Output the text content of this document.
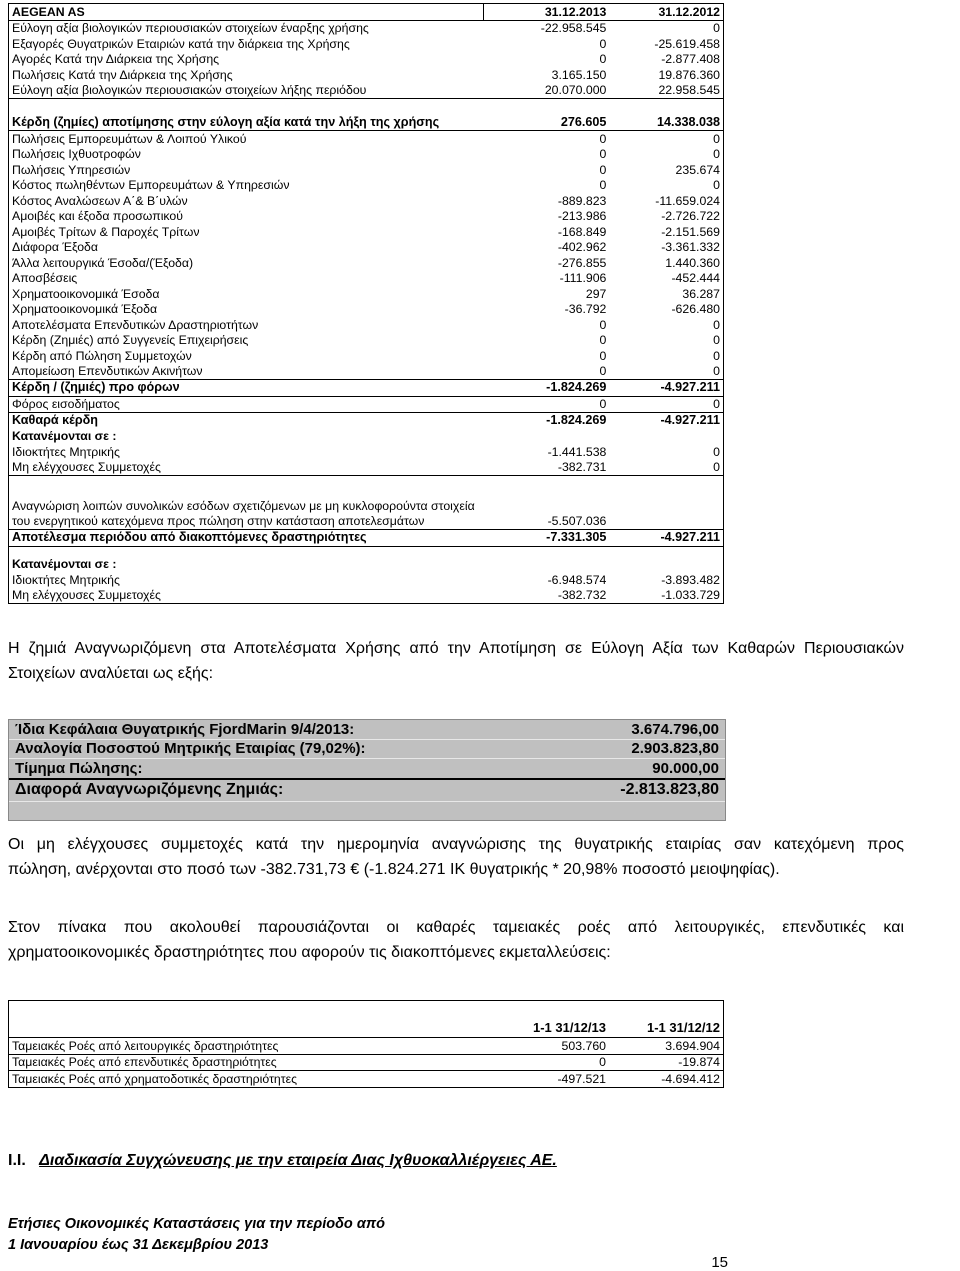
AEGEAN AS	31.12.2013	31.12.2012
Εύλογη αξία βιολογικών περιουσιακών στοιχείων έναρξης χρήσης	-22.958.545	0
Εξαγορές Θυγατρικών Εταιριών κατά την διάρκεια της Χρήσης	0	-25.619.458
Αγορές Κατά την Διάρκεια της Χρήσης	0	-2.877.408
Πωλήσεις Κατά την Διάρκεια της Χρήσης	3.165.150	19.876.360
Εύλογη αξία βιολογικών περιουσιακών στοιχείων λήξης περιόδου	20.070.000	22.958.545

Κέρδη (ζημίες) αποτίμησης στην εύλογη αξία κατά την λήξη της χρήσης	276.605	14.338.038
Πωλήσεις Εμπορευμάτων & Λοιπού Υλικού	0	0
Πωλήσεις Ιχθυοτροφών	0	0
Πωλήσεις Υπηρεσιών	0	235.674
Κόστος πωληθέντων Εμπορευμάτων & Υπηρεσιών	0	0
Κόστος Αναλώσεων Α΄& Β΄υλών	-889.823	-11.659.024
Αμοιβές και έξοδα προσωπικού	-213.986	-2.726.722
Αμοιβές Τρίτων & Παροχές Τρίτων	-168.849	-2.151.569
Διάφορα Έξοδα	-402.962	-3.361.332
Άλλα λειτουργικά Έσοδα/(Έξοδα)	-276.855	1.440.360
Αποσβέσεις	-111.906	-452.444
Χρηματοοικονομικά Έσοδα	297	36.287
Χρηματοοικονομικά Έξοδα	-36.792	-626.480
Αποτελέσματα Επενδυτικών Δραστηριοτήτων	0	0
Κέρδη (Ζημιές) από Συγγενείς Επιχειρήσεις	0	0
Κέρδη από Πώληση Συμμετοχών	0	0
Απομείωση Επενδυτικών Ακινήτων	0	0
Κέρδη / (ζημιές) προ φόρων	-1.824.269	-4.927.211
Φόρος εισοδήματος	0	0
Καθαρά κέρδη	-1.824.269	-4.927.211
Κατανέμονται σε :		
Ιδιοκτήτες Μητρικής	-1.441.538	0
Μη ελέγχουσες Συμμετοχές	-382.731	0

Αναγνώριση λοιπών συνολικών εσόδων σχετιζόμενων με μη κυκλοφορούντα στοιχεία		
του ενεργητικού κατεχόμενα προς πώληση στην κατάσταση αποτελεσμάτων	-5.507.036	
Αποτέλεσμα περιόδου από διακοπτόμενες δραστηριότητες	-7.331.305	-4.927.211

Κατανέμονται σε :		
Ιδιοκτήτες Μητρικής	-6.948.574	-3.893.482
Μη ελέγχουσες Συμμετοχές	-382.732	-1.033.729
Η ζημιά Αναγνωριζόμενη στα Αποτελέσματα Χρήσης από την Αποτίμηση σε Εύλογη Αξία των Καθαρών Περιουσιακών
Στοιχείων αναλύεται ως εξής:
Ίδια Κεφάλαια Θυγατρικής FjordMarin 9/4/2013:	3.674.796,00
Αναλογία Ποσοστού Μητρικής Εταιρίας (79,02%):	2.903.823,80
Τίμημα Πώλησης:	90.000,00
Διαφορά Αναγνωριζόμενης Ζημιάς:	-2.813.823,80
Οι μη ελέγχουσες συμμετοχές κατά την ημερομηνία αναγνώρισης της θυγατρικής εταιρίας σαν κατεχόμενη προς
πώληση, ανέρχονται στο ποσό των -382.731,73 € (-1.824.271 ΙΚ θυγατρικής * 20,98% ποσοστό μειοψηφίας).
Στον πίνακα που ακολουθεί παρουσιάζονται οι καθαρές ταμειακές ροές από λειτουργικές, επενδυτικές και
χρηματοοικονομικές δραστηριότητες που αφορούν τις διακοπτόμενες εκμεταλλεύσεις:

	1-1 31/12/13	1-1 31/12/12
Ταμειακές Ροές από λειτουργικές δραστηριότητες	503.760	3.694.904
Ταμειακές Ροές από επενδυτικές δραστηριότητες	0	-19.874
Ταμειακές Ροές από χρηματοδοτικές δραστηριότητες	-497.521	-4.694.412
Ι.Ι. Διαδικασία Συγχώνευσης με την εταιρεία Διας Ιχθυοκαλλιέργειες ΑΕ.
Ετήσιες Οικονομικές Καταστάσεις για την περίοδο από
1 Ιανουαρίου έως 31 Δεκεμβρίου 2013
15
